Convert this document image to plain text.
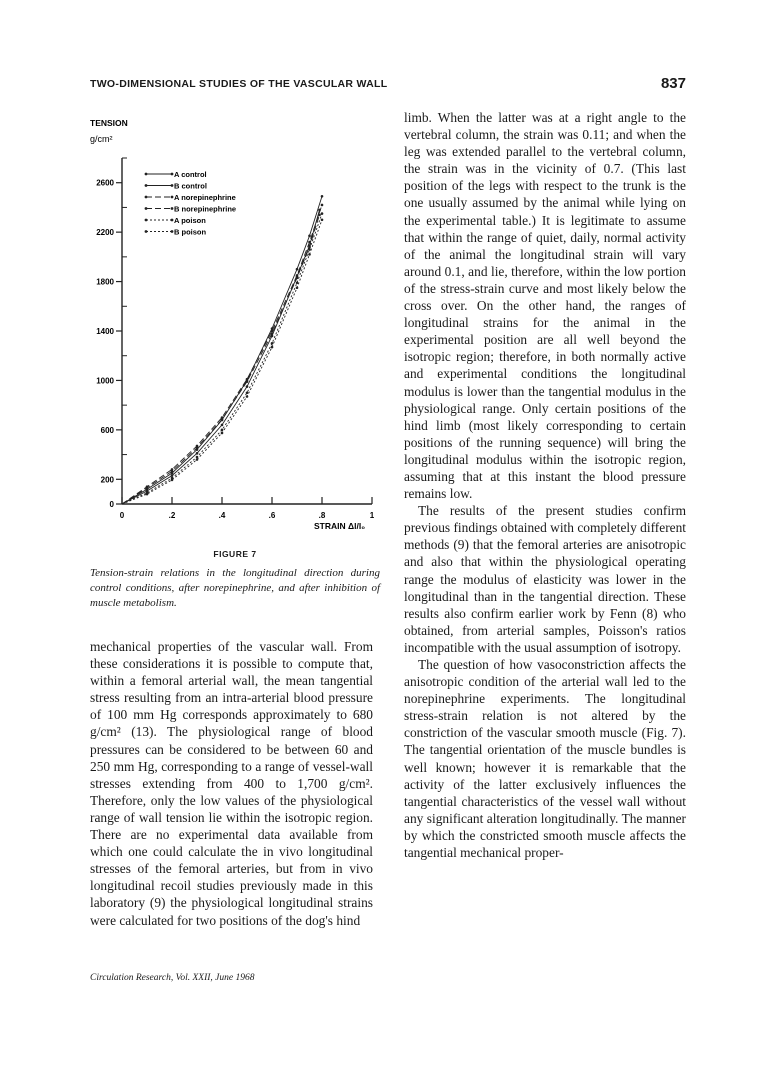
TWO-DIMENSIONAL STUDIES OF THE VASCULAR WALL	837
TENSION
g/cm²
0
200
600
1000
1400
1800
2200
2600
0	.2	.4	.6	.8	1
A control
B control
A norepinephrine
B norepinephrine
A poison
B poison
STRAIN Δl/l₀
FIGURE 7
Tension-strain relations in the longitudinal direction during control conditions, after norepinephrine, and after inhibition of muscle metabolism.

mechanical properties of the vascular wall. From these considerations it is possible to compute that, within a femoral arterial wall, the mean tangential stress resulting from an intra-arterial blood pressure of 100 mm Hg corresponds approximately to 680 g/cm² (13). The physiological range of blood pressures can be considered to be between 60 and 250 mm Hg, corresponding to a range of vessel-wall stresses extending from 400 to 1,700 g/cm². Therefore, only the low values of the physiological range of wall tension lie within the isotropic region. There are no experimental data available from which one could calculate the in vivo longitudinal stresses of the femoral arteries, but from in vivo longitudinal recoil studies previously made in this laboratory (9) the physiological longitudinal strains were calculated for two positions of the dog's hind

limb. When the latter was at a right angle to the vertebral column, the strain was 0.11; and when the leg was extended parallel to the vertebral column, the strain was in the vicinity of 0.7. (This last position of the legs with respect to the trunk is the one usually assumed by the animal while lying on the experimental table.) It is legitimate to assume that within the range of quiet, daily, normal activity of the animal the longitudinal strain will vary around 0.1, and lie, therefore, within the low portion of the stress-strain curve and most likely below the cross over. On the other hand, the ranges of longitudinal strains for the animal in the experimental position are all well beyond the isotropic region; therefore, in both normally active and experimental conditions the longitudinal modulus is lower than the tangential modulus in the physiological range. Only certain positions of the hind limb (most likely corresponding to certain positions of the running sequence) will bring the longitudinal modulus within the isotropic region, assuming that at this instant the blood pressure remains low.

The results of the present studies confirm previous findings obtained with completely different methods (9) that the femoral arteries are anisotropic and also that within the physiological operating range the modulus of elasticity was lower in the longitudinal than in the tangential direction. These results also confirm earlier work by Fenn (8) who obtained, from arterial samples, Poisson's ratios incompatible with the usual assumption of isotropy.

The question of how vasoconstriction affects the anisotropic condition of the arterial wall led to the norepinephrine experiments. The longitudinal stress-strain relation is not altered by the constriction of the vascular smooth muscle (Fig. 7). The tangential orientation of the muscle bundles is well known; however it is remarkable that the activity of the latter exclusively influences the tangential characteristics of the vessel wall without any significant alteration longitudinally. The manner by which the constricted smooth muscle affects the tangential mechanical proper-

Circulation Research, Vol. XXII, June 1968
